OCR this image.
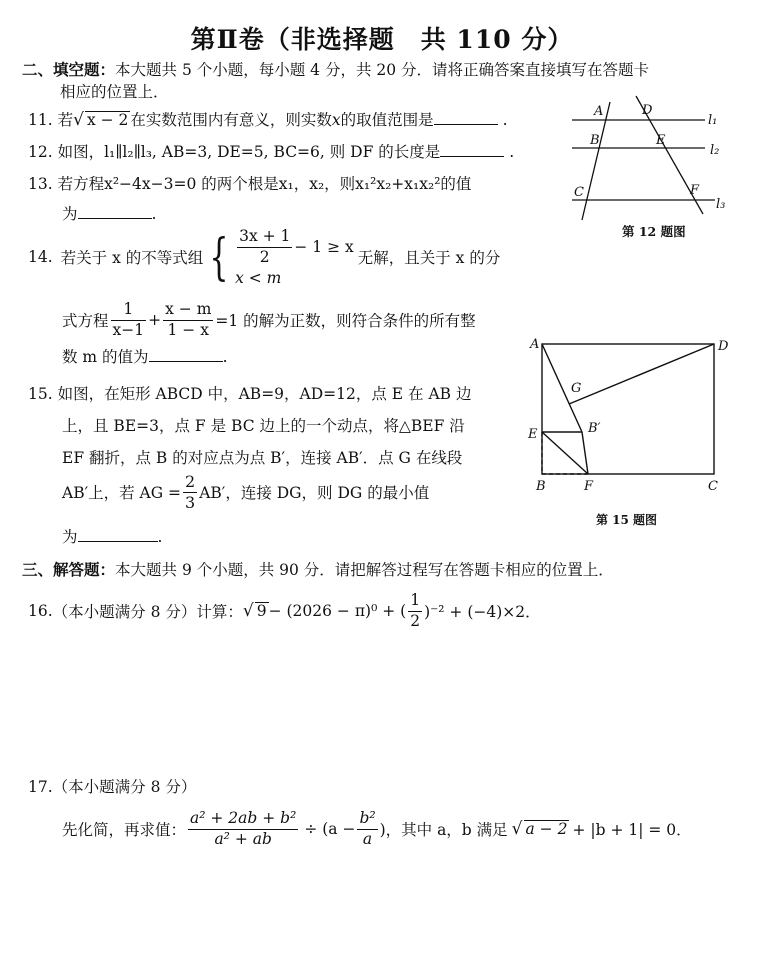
第Ⅱ卷（非选择题　共 110 分）
二、填空题：本大题共 5 个小题，每小题 4 分，共 20 分．请将正确答案直接填写在答题卡
相应的位置上．
11. 若√ x − 2 在实数范围内有意义，则实数x的取值范围是	.
12. 如图，l₁∥l₂∥l₃, AB=3, DE=5, BC=6, 则 DF 的长度是	.
13. 若方程x²−4x−3=0 的两个根是x₁，x₂，则x₁²x₂+x₁x₂²的值
为	.
14. 若关于 x 的不等式组 { $\frac{3x + 1}{2} - 1 \ge x$
x < m
无解，且关于 x 的分
式方程 $\frac{1}{x-1} + \frac{x - m}{1 - x} =1$ 的解为正数，则符合条件的所有整
数 m 的值为	.
15. 如图，在矩形 ABCD 中，AB=9，AD=12，点 E 在 AB 边
上，且 BE=3，点 F 是 BC 边上的一个动点，将△BEF 沿
EF 翻折，点 B 的对应点为点 B′，连接 AB′．点 G 在线段
AB′上，若 AG = $\frac{2}{3} AB'$，连接 DG，则 DG 的最小值
为	.
三、解答题：本大题共 9 个小题，共 90 分．请把解答过程写在答题卡相应的位置上．
16. （本小题满分 8 分）计算： √ 9 − (2026 − π)⁰ + ( $\frac{1}{2} )^{-2} + (-4)\times 2$．
17.（本小题满分 8 分）
先化简，再求值： $\frac{\text{a² + 2ab + b²}}{\text{a² + ab}} \div (a - \frac{\text{b²}}{a}$ )，其中 a，b 满足 √ a − 2 + |b + 1| = 0．
A	D
l₁
B	E
l₂
C	F
l₃
第 12 题图
A	D
G
B′
E
B	F	C
第 15 题图
